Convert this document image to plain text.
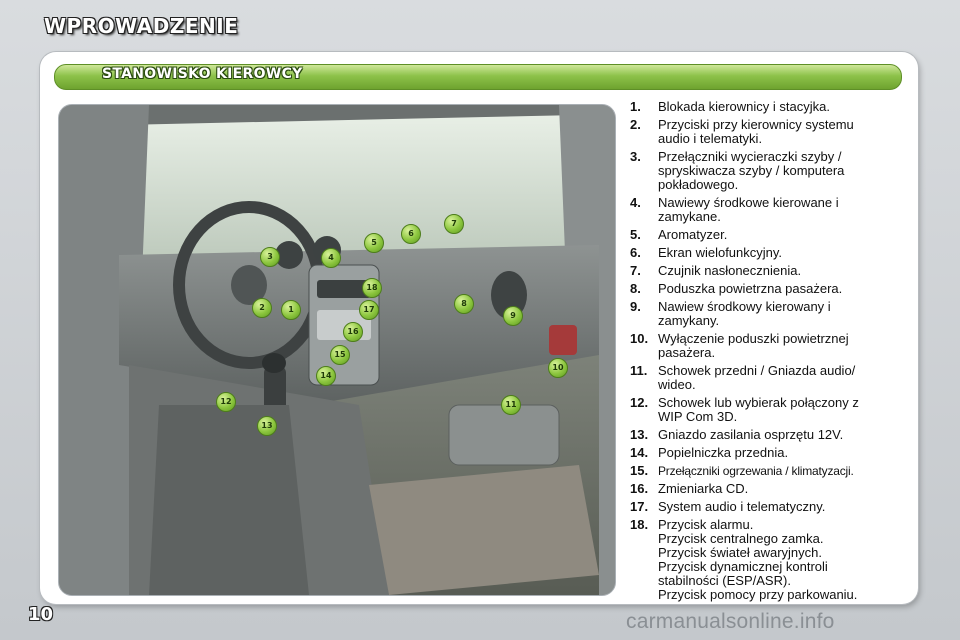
WPROWADZENIE
STANOWISKO KIEROWCY
1
2
3	4
5
6
7
8
9
10
11
12
13
14
15
16
17
18
1.	Blokada kierownicy i stacyjka.
2.	Przyciski przy kierownicy systemu
audio i telematyki.
3.	Przełączniki wycieraczki szyby /
spryskiwacza szyby / komputera
pokładowego.
4.	Nawiewy środkowe kierowane i
zamykane.
5.	Aromatyzer.
6.	Ekran wielofunkcyjny.
7.	Czujnik nasłonecznienia.
8.	Poduszka powietrzna pasażera.
9.	Nawiew środkowy kierowany i
zamykany.
10. Wyłączenie poduszki powietrznej
pasażera.
11. Schowek przedni / Gniazda audio/
wideo.
12. Schowek lub wybierak połączony z
WIP Com 3D.
13. Gniazdo zasilania osprzętu 12V.
14. Popielniczka przednia.
15. Przełączniki ogrzewania / klimatyzacji.
16. Zmieniarka CD.
17. System audio i telematyczny.
18. Przycisk alarmu.
Przycisk centralnego zamka.
Przycisk świateł awaryjnych.
Przycisk dynamicznej kontroli
stabilności (ESP/ASR).
Przycisk pomocy przy parkowaniu.
10	carmanualsonline.info
